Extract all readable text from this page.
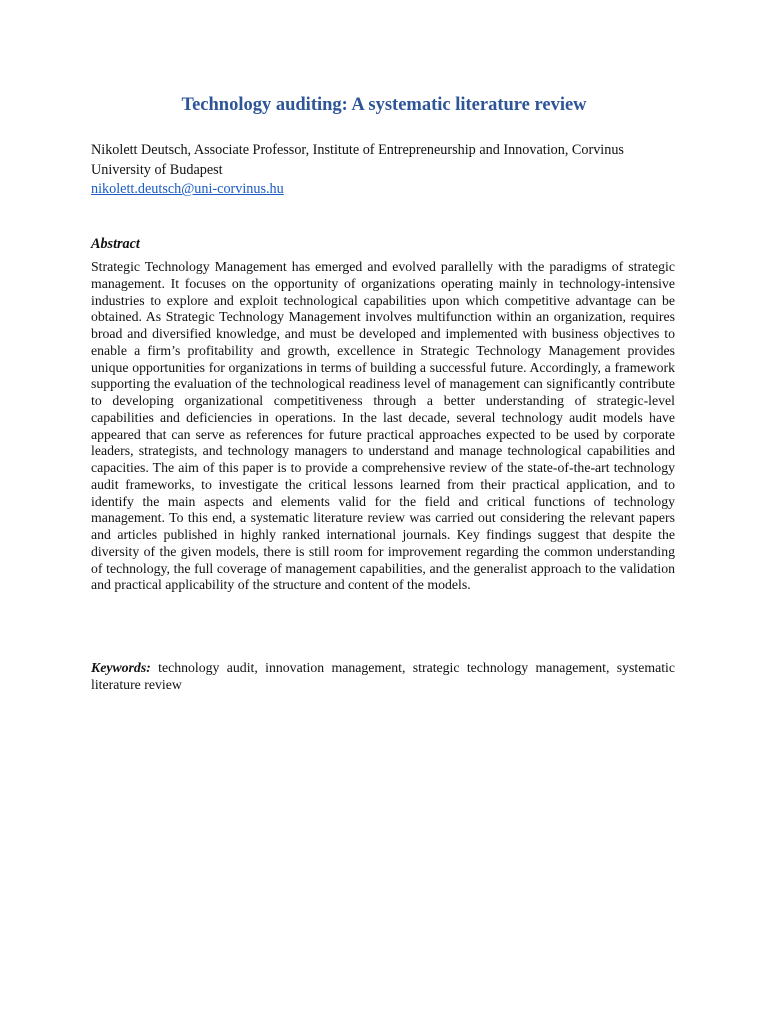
Technology auditing: A systematic literature review
Nikolett Deutsch, Associate Professor, Institute of Entrepreneurship and Innovation, Corvinus University of Budapest
nikolett.deutsch@uni-corvinus.hu
Abstract
Strategic Technology Management has emerged and evolved parallelly with the paradigms of strategic management. It focuses on the opportunity of organizations operating mainly in technology-intensive industries to explore and exploit technological capabilities upon which competitive advantage can be obtained. As Strategic Technology Management involves multifunction within an organization, requires broad and diversified knowledge, and must be developed and implemented with business objectives to enable a firm’s profitability and growth, excellence in Strategic Technology Management provides unique opportunities for organizations in terms of building a successful future. Accordingly, a framework supporting the evaluation of the technological readiness level of management can significantly contribute to developing organizational competitiveness through a better understanding of strategic-level capabilities and deficiencies in operations. In the last decade, several technology audit models have appeared that can serve as references for future practical approaches expected to be used by corporate leaders, strategists, and technology managers to understand and manage technological capabilities and capacities. The aim of this paper is to provide a comprehensive review of the state-of-the-art technology audit frameworks, to investigate the critical lessons learned from their practical application, and to identify the main aspects and elements valid for the field and critical functions of technology management. To this end, a systematic literature review was carried out considering the relevant papers and articles published in highly ranked international journals. Key findings suggest that despite the diversity of the given models, there is still room for improvement regarding the common understanding of technology, the full coverage of management capabilities, and the generalist approach to the validation and practical applicability of the structure and content of the models.
Keywords: technology audit, innovation management, strategic technology management, systematic literature review
